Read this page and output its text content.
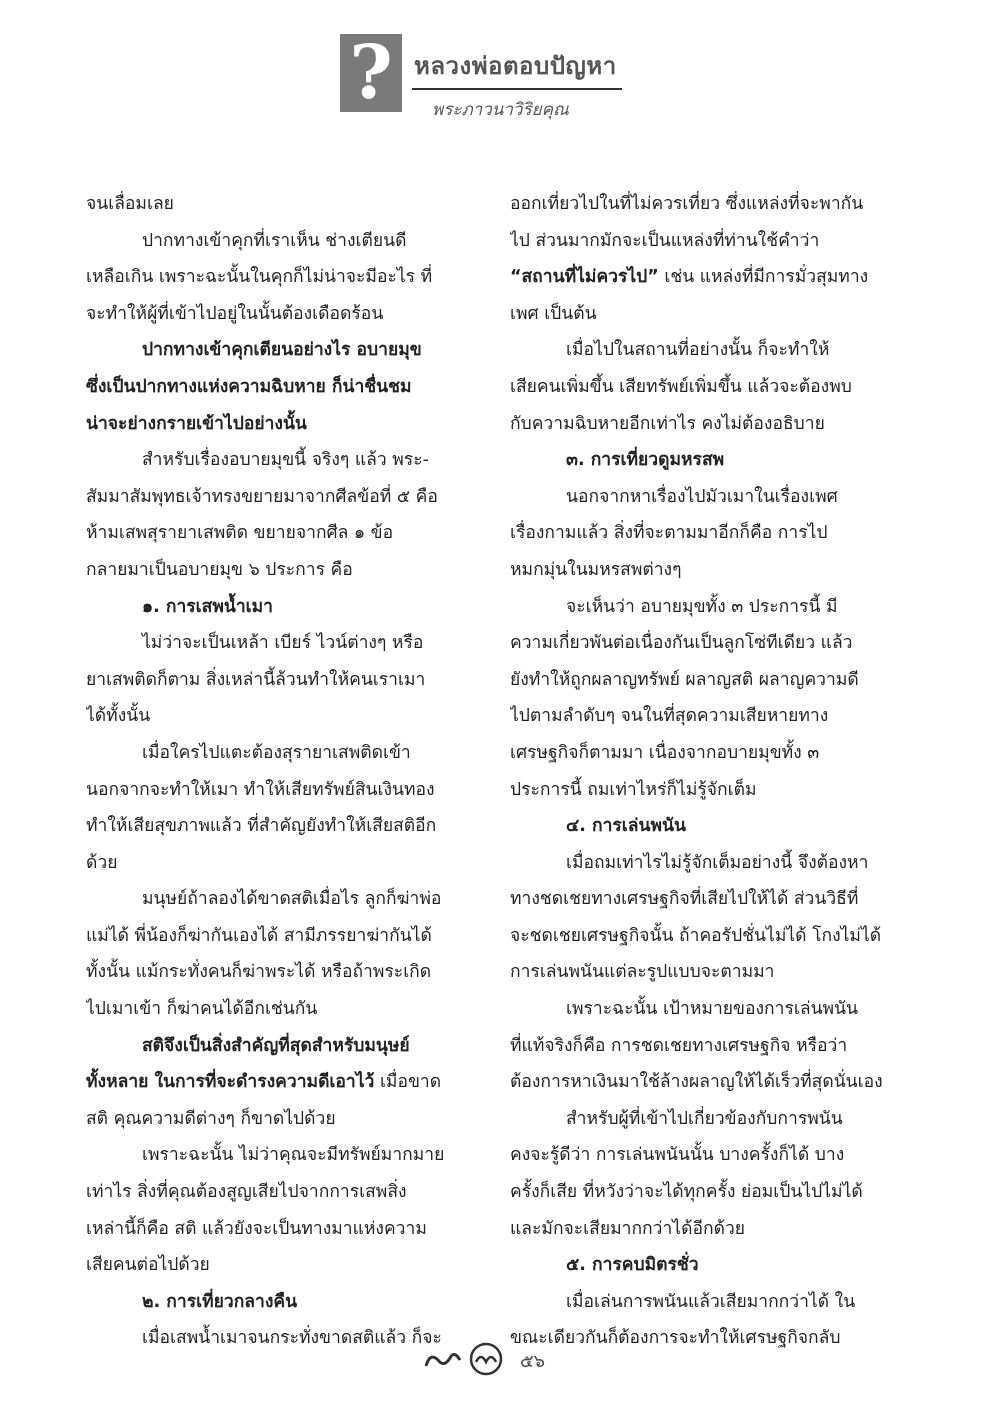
? หลวงพ่อตอบปัญหา
พระภาวนาวิริยคุณ

จนเลื่อมเลย

ปากทางเข้าคุกที่เราเห็น ช่างเตียนดี

เหลือเกิน เพราะฉะนั้นในคุกก็ไม่น่าจะมีอะไร ที่

จะทำให้ผู้ที่เข้าไปอยู่ในนั้นต้องเดือดร้อน

ปากทางเข้าคุกเตียนอย่างไร อบายมุข

ซึ่งเป็นปากทางแห่งความฉิบหาย ก็น่าชื่นชม

น่าจะย่างกรายเข้าไปอย่างนั้น

สำหรับเรื่องอบายมุขนี้ จริงๆ แล้ว พระ-

สัมมาสัมพุทธเจ้าทรงขยายมาจากศีลข้อที่ ๕ คือ

ห้ามเสพสุรายาเสพติด ขยายจากศีล ๑ ข้อ

กลายมาเป็นอบายมุข ๖ ประการ คือ

๑. การเสพน้ำเมา

ไม่ว่าจะเป็นเหล้า เบียร์ ไวน์ต่างๆ หรือ

ยาเสพติดก็ตาม สิ่งเหล่านี้ล้วนทำให้คนเราเมา

ได้ทั้งนั้น

เมื่อใครไปแตะต้องสุรายาเสพติดเข้า

นอกจากจะทำให้เมา ทำให้เสียทรัพย์สินเงินทอง

ทำให้เสียสุขภาพแล้ว ที่สำคัญยังทำให้เสียสติอีก

ด้วย

มนุษย์ถ้าลองได้ขาดสติเมื่อไร ลูกก็ฆ่าพ่อ

แม่ได้ พี่น้องก็ฆ่ากันเองได้ สามีภรรยาฆ่ากันได้

ทั้งนั้น แม้กระทั่งคนก็ฆ่าพระได้ หรือถ้าพระเกิด

ไปเมาเข้า ก็ฆ่าคนได้อีกเช่นกัน

สติจึงเป็นสิ่งสำคัญที่สุดสำหรับมนุษย์

ทั้งหลาย ในการที่จะดำรงความดีเอาไว้ เมื่อขาด

สติ คุณความดีต่างๆ ก็ขาดไปด้วย

เพราะฉะนั้น ไม่ว่าคุณจะมีทรัพย์มากมาย

เท่าไร สิ่งที่คุณต้องสูญเสียไปจากการเสพสิ่ง

เหล่านี้ก็คือ สติ แล้วยังจะเป็นทางมาแห่งความ

เสียคนต่อไปด้วย

๒. การเที่ยวกลางคืน

เมื่อเสพน้ำเมาจนกระทั่งขาดสติแล้ว ก็จะ

ออกเที่ยวไปในที่ไม่ควรเที่ยว ซึ่งแหล่งที่จะพากัน

ไป ส่วนมากมักจะเป็นแหล่งที่ท่านใช้คำว่า

“สถานที่ไม่ควรไป” เช่น แหล่งที่มีการมั่วสุมทาง

เพศ เป็นต้น

เมื่อไปในสถานที่อย่างนั้น ก็จะทำให้

เสียคนเพิ่มขึ้น เสียทรัพย์เพิ่มขึ้น แล้วจะต้องพบ

กับความฉิบหายอีกเท่าไร คงไม่ต้องอธิบาย

๓. การเที่ยวดูมหรสพ

นอกจากหาเรื่องไปมัวเมาในเรื่องเพศ

เรื่องกามแล้ว สิ่งที่จะตามมาอีกก็คือ การไป

หมกมุ่นในมหรสพต่างๆ

จะเห็นว่า อบายมุขทั้ง ๓ ประการนี้ มี

ความเกี่ยวพันต่อเนื่องกันเป็นลูกโซ่ทีเดียว แล้ว

ยังทำให้ถูกผลาญทรัพย์ ผลาญสติ ผลาญความดี

ไปตามลำดับๆ จนในที่สุดความเสียหายทาง

เศรษฐกิจก็ตามมา เนื่องจากอบายมุขทั้ง ๓

ประการนี้ ถมเท่าไหร่ก็ไม่รู้จักเต็ม

๔. การเล่นพนัน

เมื่อถมเท่าไรไม่รู้จักเต็มอย่างนี้ จึงต้องหา

ทางชดเชยทางเศรษฐกิจที่เสียไปให้ได้ ส่วนวิธีที่

จะชดเชยเศรษฐกิจนั้น ถ้าคอรัปชั่นไม่ได้ โกงไม่ได้

การเล่นพนันแต่ละรูปแบบจะตามมา

เพราะฉะนั้น เป้าหมายของการเล่นพนัน

ที่แท้จริงก็คือ การชดเชยทางเศรษฐกิจ หรือว่า

ต้องการหาเงินมาใช้ล้างผลาญให้ได้เร็วที่สุดนั่นเอง

สำหรับผู้ที่เข้าไปเกี่ยวข้องกับการพนัน

คงจะรู้ดีว่า การเล่นพนันนั้น บางครั้งก็ได้ บาง

ครั้งก็เสีย ที่หวังว่าจะได้ทุกครั้ง ย่อมเป็นไปไม่ได้

และมักจะเสียมากกว่าได้อีกด้วย

๕. การคบมิตรชั่ว

เมื่อเล่นการพนันแล้วเสียมากกว่าได้ ใน

ขณะเดียวกันก็ต้องการจะทำให้เศรษฐกิจกลับ

๕๖
